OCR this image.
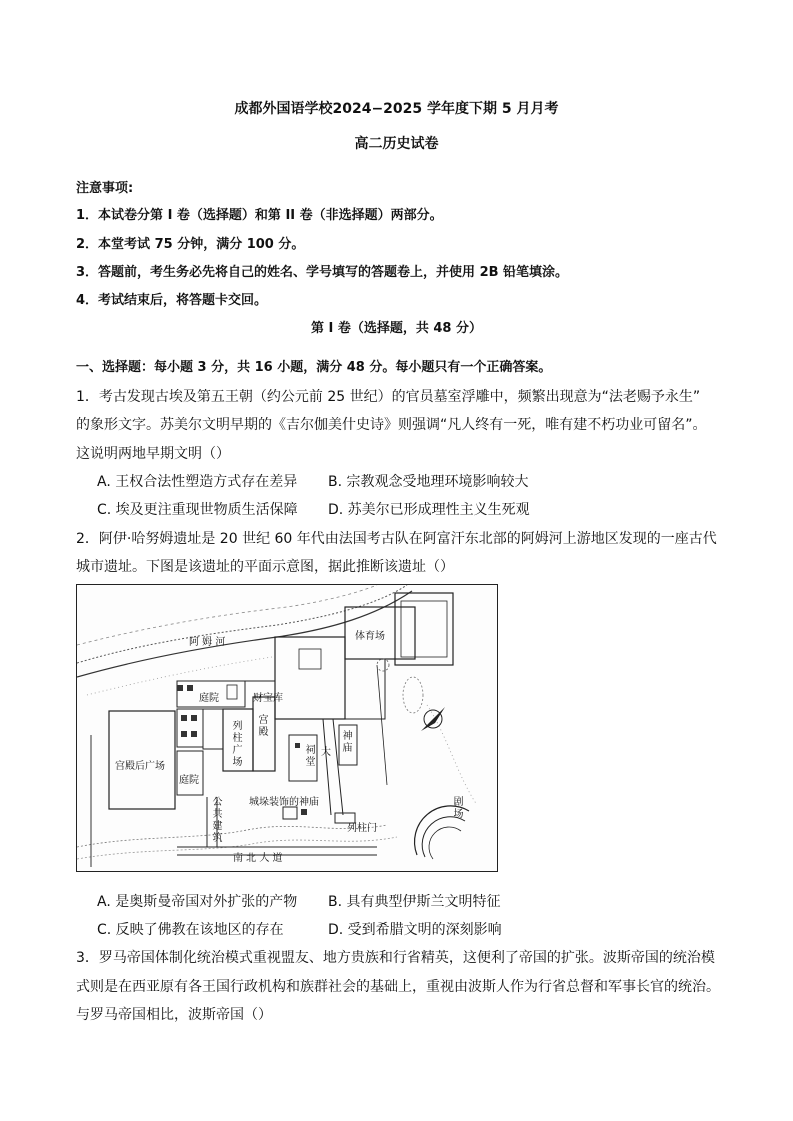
成都外国语学校2024−2025 学年度下期 5 月月考
高二历史试卷
注意事项:
1．本试卷分第 I 卷（选择题）和第 II 卷（非选择题）两部分。
2．本堂考试 75 分钟，满分 100 分。
3．答题前，考生务必先将自己的姓名、学号填写的答题卷上，并使用 2B 铅笔填涂。
4．考试结束后，将答题卡交回。
第 I 卷（选择题，共 48 分）
一、选择题：每小题 3 分，共 16 小题，满分 48 分。每小题只有一个正确答案。
1．考古发现古埃及第五王朝（约公元前 25 世纪）的官员墓室浮雕中，频繁出现意为“法老赐予永生”
的象形文字。苏美尔文明早期的《吉尔伽美什史诗》则强调“凡人终有一死，唯有建不朽功业可留名”。
这说明两地早期文明（）
A. 王权合法性塑造方式存在差异 B. 宗教观念受地理环境影响较大
C. 埃及更注重现世物质生活保障 D. 苏美尔已形成理性主义生死观
2．阿伊·哈努姆遗址是 20 世纪 60 年代由法国考古队在阿富汗东北部的阿姆河上游地区发现的一座古代
城市遗址。下图是该遗址的平面示意图，据此推断该遗址（）
阿 姆 河
体育场
庭院	财宝库
宫殿后广场
列柱广场
宫殿
庭院
神庙
祠堂
大
城垛装饰的神庙
公共建筑
列柱门
南 北 大 道
剧场
A. 是奥斯曼帝国对外扩张的产物 B. 具有典型伊斯兰文明特征
C. 反映了佛教在该地区的存在	D. 受到希腊文明的深刻影响
3．罗马帝国体制化统治模式重视盟友、地方贵族和行省精英，这便利了帝国的扩张。波斯帝国的统治模
式则是在西亚原有各王国行政机构和族群社会的基础上，重视由波斯人作为行省总督和军事长官的统治。
与罗马帝国相比，波斯帝国（）
